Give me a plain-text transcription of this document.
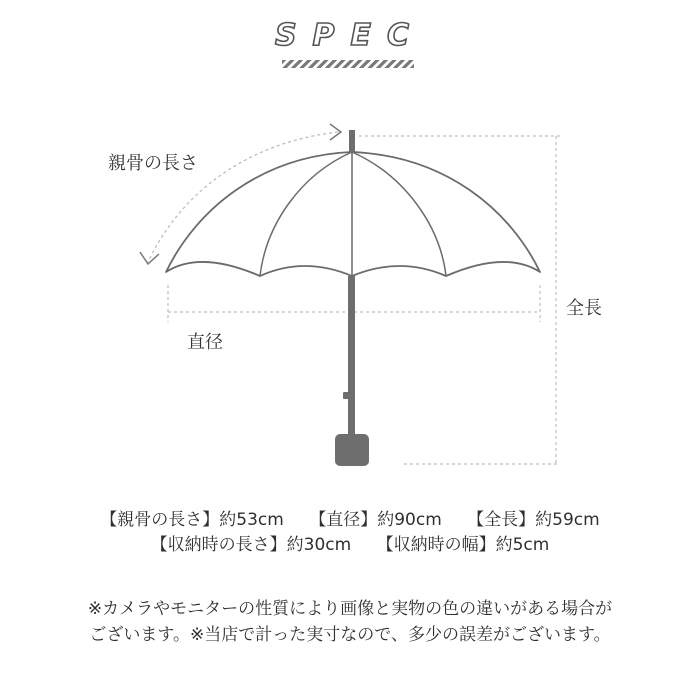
SPEC
親骨の長さ
直径
全長
【親骨の長さ】約53cm 【直径】約90cm 【全長】約59cm
【収納時の長さ】約30cm 【収納時の幅】約5cm
※カメラやモニターの性質により画像と実物の色の違いがある場合が
ございます。※当店で計った実寸なので、多少の誤差がございます。
